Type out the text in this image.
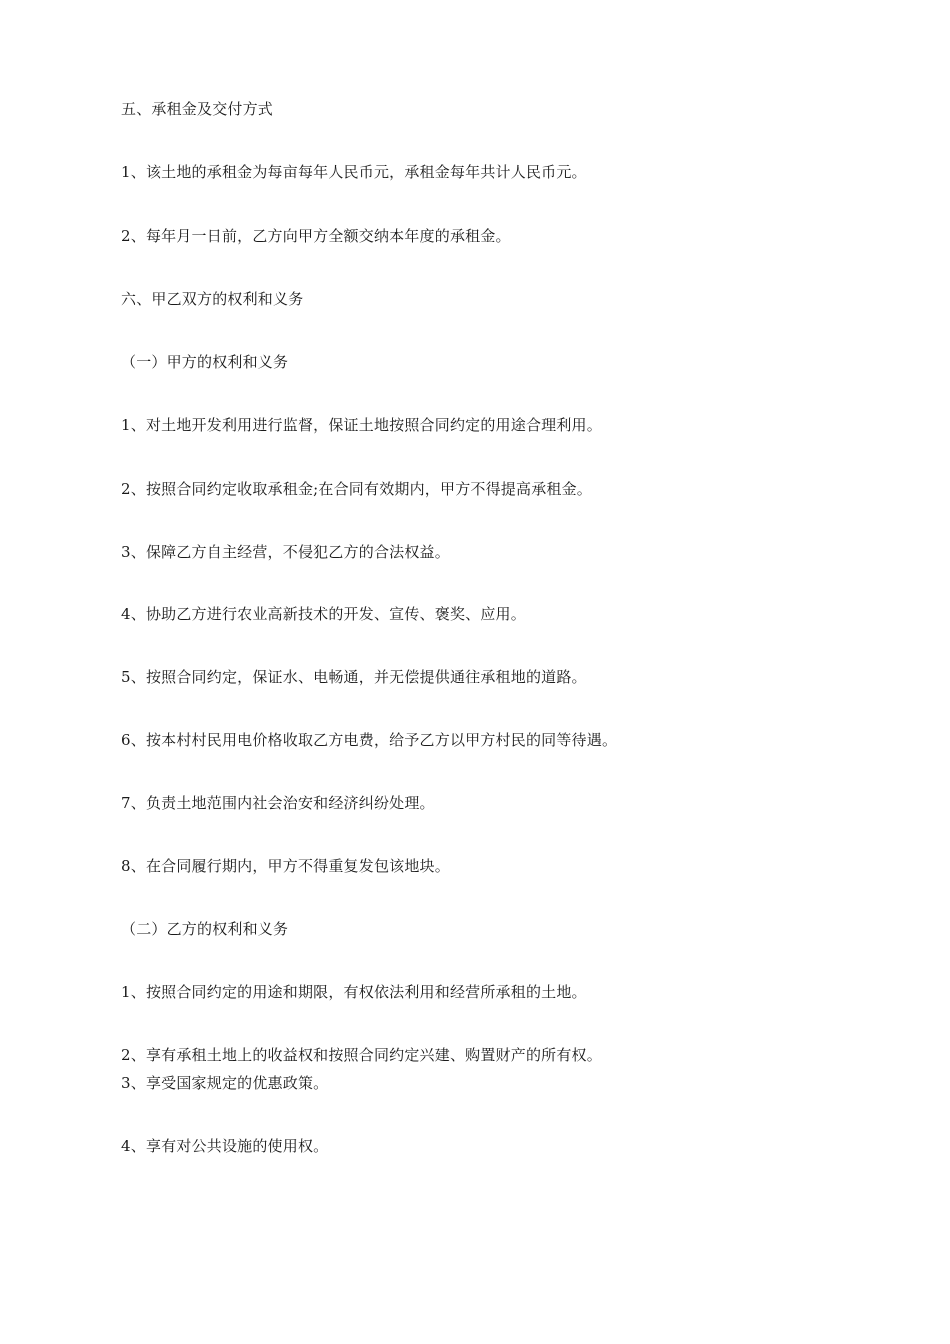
五、承租金及交付方式
1、该土地的承租金为每亩每年人民币元，承租金每年共计人民币元。
2、每年月一日前，乙方向甲方全额交纳本年度的承租金。
六、甲乙双方的权利和义务
（一）甲方的权利和义务
1、对土地开发利用进行监督，保证土地按照合同约定的用途合理利用。
2、按照合同约定收取承租金;在合同有效期内，甲方不得提高承租金。
3、保障乙方自主经营，不侵犯乙方的合法权益。
4、协助乙方进行农业高新技术的开发、宣传、褒奖、应用。
5、按照合同约定，保证水、电畅通，并无偿提供通往承租地的道路。
6、按本村村民用电价格收取乙方电费，给予乙方以甲方村民的同等待遇。
7、负责土地范围内社会治安和经济纠纷处理。
8、在合同履行期内，甲方不得重复发包该地块。
（二）乙方的权利和义务
1、按照合同约定的用途和期限，有权依法利用和经营所承租的土地。
2、享有承租土地上的收益权和按照合同约定兴建、购置财产的所有权。
3、享受国家规定的优惠政策。
4、享有对公共设施的使用权。
